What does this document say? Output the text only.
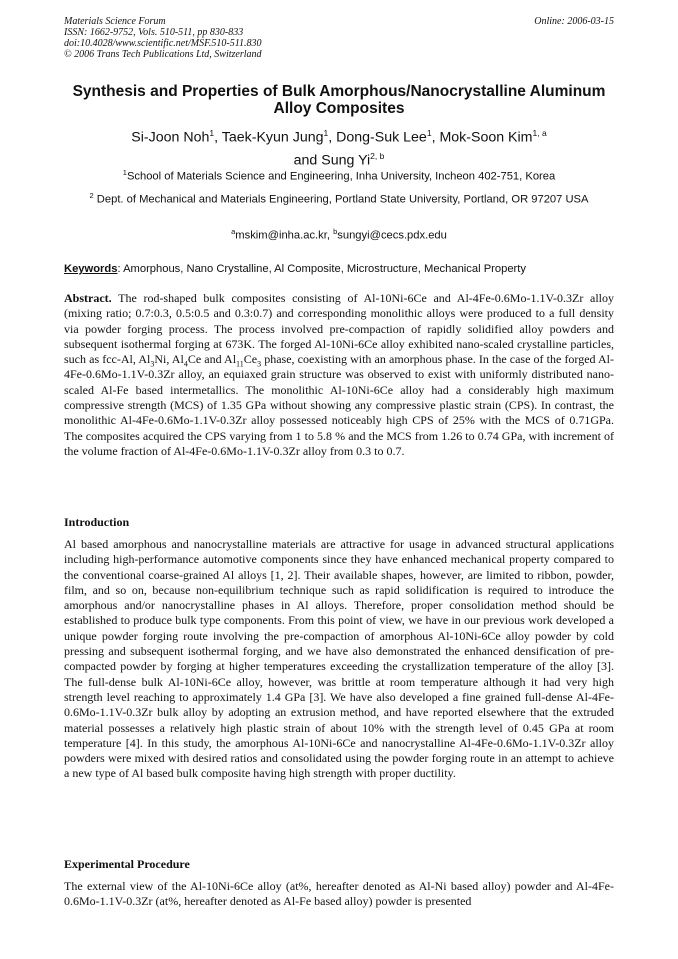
Materials Science Forum
ISSN: 1662-9752, Vols. 510-511, pp 830-833
doi:10.4028/www.scientific.net/MSF.510-511.830
© 2006 Trans Tech Publications Ltd, Switzerland
Online: 2006-03-15
Synthesis and Properties of Bulk Amorphous/Nanocrystalline Aluminum Alloy Composites
Si-Joon Noh$^1$, Taek-Kyun Jung$^1$, Dong-Suk Lee$^1$, Mok-Soon Kim$^{1, a}$
and Sung Yi$^{2, b}$
$^1$School of Materials Science and Engineering, Inha University, Incheon 402-751, Korea
$^2$ Dept. of Mechanical and Materials Engineering, Portland State University, Portland, OR 97207 USA
$^a$mskim@inha.ac.kr, $^b$sungyi@cecs.pdx.edu
Keywords: Amorphous, Nano Crystalline, Al Composite, Microstructure, Mechanical Property
Abstract. The rod-shaped bulk composites consisting of Al-10Ni-6Ce and Al-4Fe-0.6Mo-1.1V-0.3Zr alloy (mixing ratio; 0.7:0.3, 0.5:0.5 and 0.3:0.7) and corresponding monolithic alloys were produced to a full density via powder forging process. The process involved pre-compaction of rapidly solidified alloy powders and subsequent isothermal forging at 673K. The forged Al-10Ni-6Ce alloy exhibited nano-scaled crystalline particles, such as fcc-Al, $Al_3Ni$, $Al_4Ce$ and $Al_{11}Ce_3$ phase, coexisting with an amorphous phase. In the case of the forged Al-4Fe-0.6Mo-1.1V-0.3Zr alloy, an equiaxed grain structure was observed to exist with uniformly distributed nano-scaled Al-Fe based intermetallics. The monolithic Al-10Ni-6Ce alloy had a considerably high maximum compressive strength (MCS) of 1.35 GPa without showing any compressive plastic strain (CPS). In contrast, the monolithic Al-4Fe-0.6Mo-1.1V-0.3Zr alloy possessed noticeably high CPS of 25% with the MCS of 0.71GPa. The composites acquired the CPS varying from 1 to 5.8 % and the MCS from 1.26 to 0.74 GPa, with increment of the volume fraction of Al-4Fe-0.6Mo-1.1V-0.3Zr alloy from 0.3 to 0.7.
Introduction
Al based amorphous and nanocrystalline materials are attractive for usage in advanced structural applications including high-performance automotive components since they have enhanced mechanical property compared to the conventional coarse-grained Al alloys [1, 2]. Their available shapes, however, are limited to ribbon, powder, film, and so on, because non-equilibrium technique such as rapid solidification is required to introduce the amorphous and/or nanocrystalline phases in Al alloys. Therefore, proper consolidation method should be established to produce bulk type components. From this point of view, we have in our previous work developed a unique powder forging route involving the pre-compaction of amorphous Al-10Ni-6Ce alloy powder by cold pressing and subsequent isothermal forging, and we have also demonstrated the enhanced densification of pre-compacted powder by forging at higher temperatures exceeding the crystallization temperature of the alloy [3]. The full-dense bulk Al-10Ni-6Ce alloy, however, was brittle at room temperature although it had very high strength level reaching to approximately 1.4 GPa [3]. We have also developed a fine grained full-dense Al-4Fe-0.6Mo-1.1V-0.3Zr bulk alloy by adopting an extrusion method, and have reported elsewhere that the extruded material possesses a relatively high plastic strain of about 10% with the strength level of 0.45 GPa at room temperature [4]. In this study, the amorphous Al-10Ni-6Ce and nanocrystalline Al-4Fe-0.6Mo-1.1V-0.3Zr alloy powders were mixed with desired ratios and consolidated using the powder forging route in an attempt to achieve a new type of Al based bulk composite having high strength with proper ductility.
Experimental Procedure
The external view of the Al-10Ni-6Ce alloy (at%, hereafter denoted as Al-Ni based alloy) powder and Al-4Fe-0.6Mo-1.1V-0.3Zr (at%, hereafter denoted as Al-Fe based alloy) powder is presented
